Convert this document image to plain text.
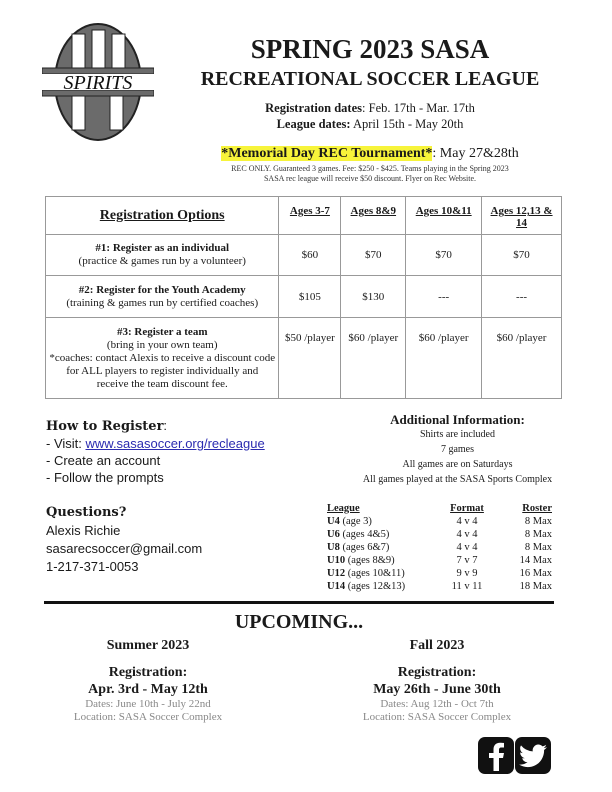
SPIRITS
SPRING 2023 SASA
RECREATIONAL SOCCER LEAGUE
Registration dates: Feb. 17th - Mar. 17th
League dates: April 15th - May 20th
*Memorial Day REC Tournament*: May 27&28th
REC ONLY. Guaranteed 3 games. Fee: $250 - $425. Teams playing in the Spring 2023
SASA rec league will receive $50 discount. Flyer on Rec Website.
Registration Options	Ages 3-7	Ages 8&9	Ages 10&11	Ages 12,13 & 14
#1: Register as an individual
(practice & games run by a volunteer)	$60	$70	$70	$70
#2: Register for the Youth Academy
(training & games run by certified coaches)	$105	$130	---	---
#3: Register a team
(bring in your own team)
*coaches: contact Alexis to receive a discount code for ALL players to register individually and receive the team discount fee.	$50 /player	$60 /player	$60 /player	$60 /player
How to Register:
- Visit: www.sasasoccer.org/recleague
- Create an account
- Follow the prompts
Questions?
Alexis Richie
sasarecsoccer@gmail.com
1-217-371-0053
Additional Information:
Shirts are included
7 games
All games are on Saturdays
All games played at the SASA Sports Complex
League	Format	Roster
U4 (age 3)	4 v 4	8 Max
U6 (ages 4&5)	4 v 4	8 Max
U8 (ages 6&7)	4 v 4	8 Max
U10 (ages 8&9)	7 v 7	14 Max
U12 (ages 10&11)	9 v 9	16 Max
U14 (ages 12&13)	11 v 11	18 Max
UPCOMING...
Summer 2023
Registration:
Apr. 3rd - May 12th
Dates: June 10th - July 22nd
Location: SASA Soccer Complex
Fall 2023
Registration:
May 26th - June 30th
Dates: Aug 12th - Oct 7th
Location: SASA Soccer Complex
